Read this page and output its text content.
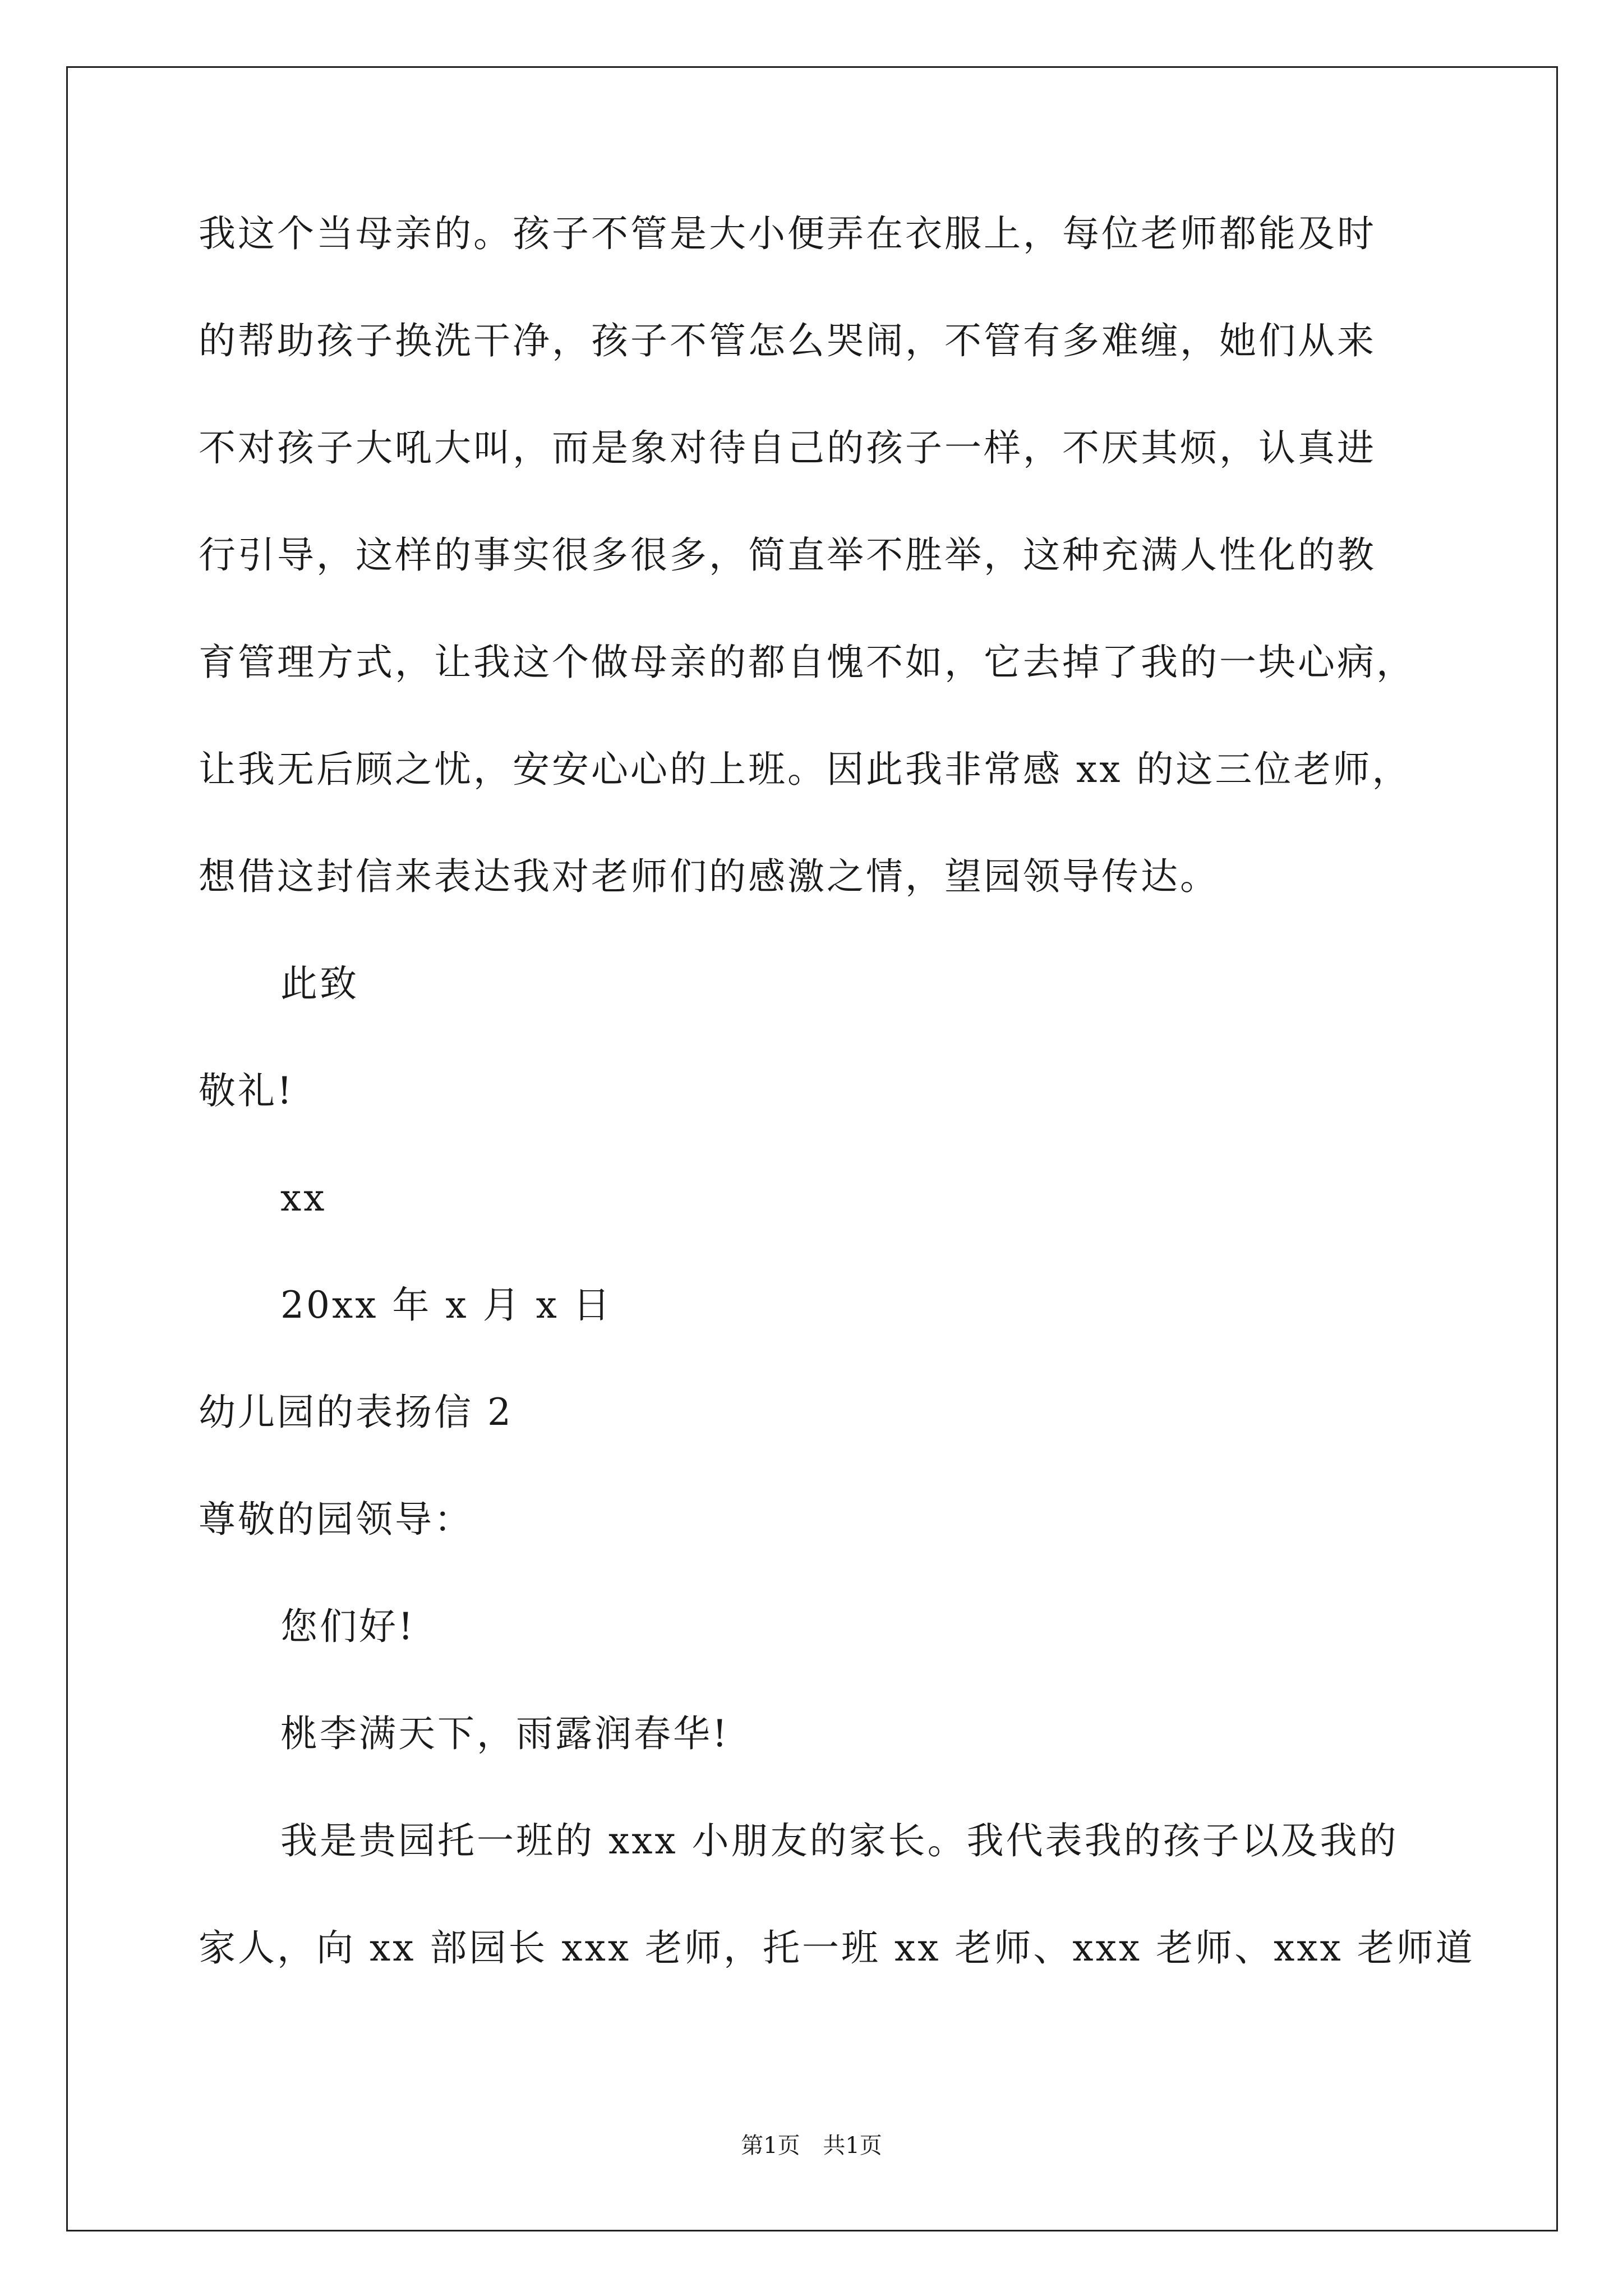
我这个当母亲的。孩子不管是大小便弄在衣服上，每位老师都能及时
的帮助孩子换洗干净，孩子不管怎么哭闹，不管有多难缠，她们从来
不对孩子大吼大叫，而是象对待自己的孩子一样，不厌其烦，认真进
行引导，这样的事实很多很多，简直举不胜举，这种充满人性化的教
育管理方式，让我这个做母亲的都自愧不如，它去掉了我的一块心病，
让我无后顾之忧，安安心心的上班。因此我非常感 xx 的这三位老师，
想借这封信来表达我对老师们的感激之情，望园领导传达。
此致
敬礼!
xx
20xx 年 x 月 x 日
幼儿园的表扬信 2
尊敬的园领导：
您们好!
桃李满天下，雨露润春华!
我是贵园托一班的 xxx 小朋友的家长。我代表我的孩子以及我的
家人，向 xx 部园长 xxx 老师，托一班 xx 老师、xxx 老师、xxx 老师道
第1页 共1页
